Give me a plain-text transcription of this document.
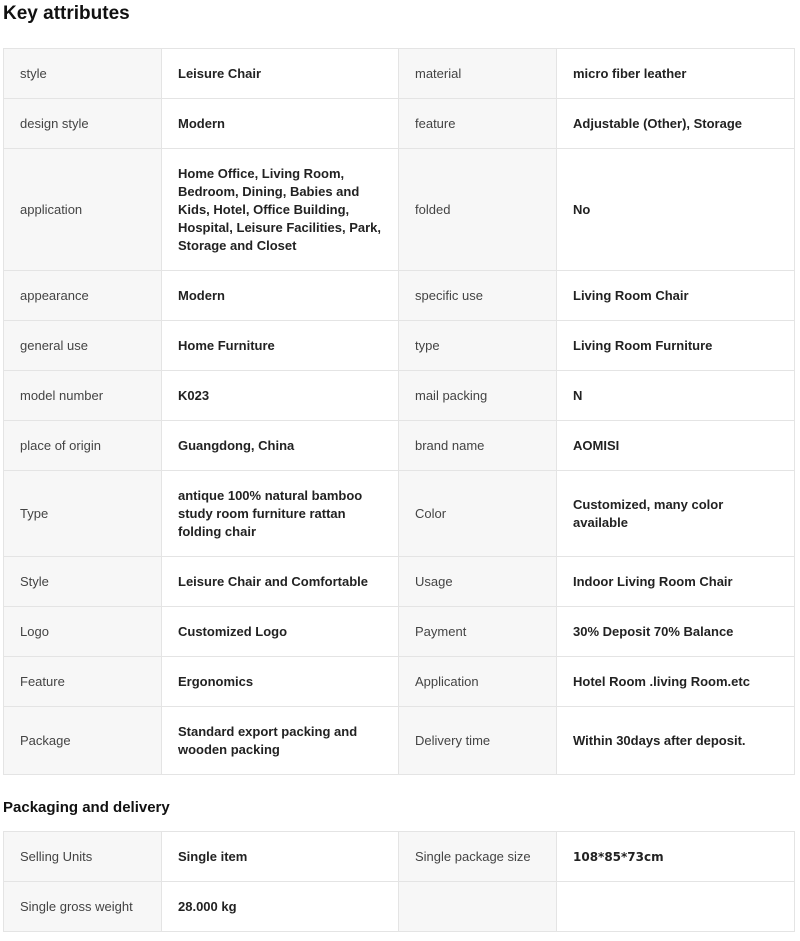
Key attributes
style	Leisure Chair	material	micro fiber leather
design style	Modern	feature	Adjustable (Other), Storage
application	Home Office, Living Room, Bedroom, Dining, Babies and Kids, Hotel, Office Building, Hospital, Leisure Facilities, Park, Storage and Closet	folded	No
appearance	Modern	specific use	Living Room Chair
general use	Home Furniture	type	Living Room Furniture
model number	K023	mail packing	N
place of origin	Guangdong, China	brand name	AOMISI
Type	antique 100% natural bamboo study room furniture rattan folding chair	Color	Customized, many color available
Style	Leisure Chair and Comfortable	Usage	Indoor Living Room Chair
Logo	Customized Logo	Payment	30% Deposit 70% Balance
Feature	Ergonomics	Application	Hotel Room .living Room.etc
Package	Standard export packing and wooden packing	Delivery time	Within 30days after deposit.
Packaging and delivery
Selling Units	Single item	Single package size	108*85*73cm
Single gross weight	28.000 kg		
